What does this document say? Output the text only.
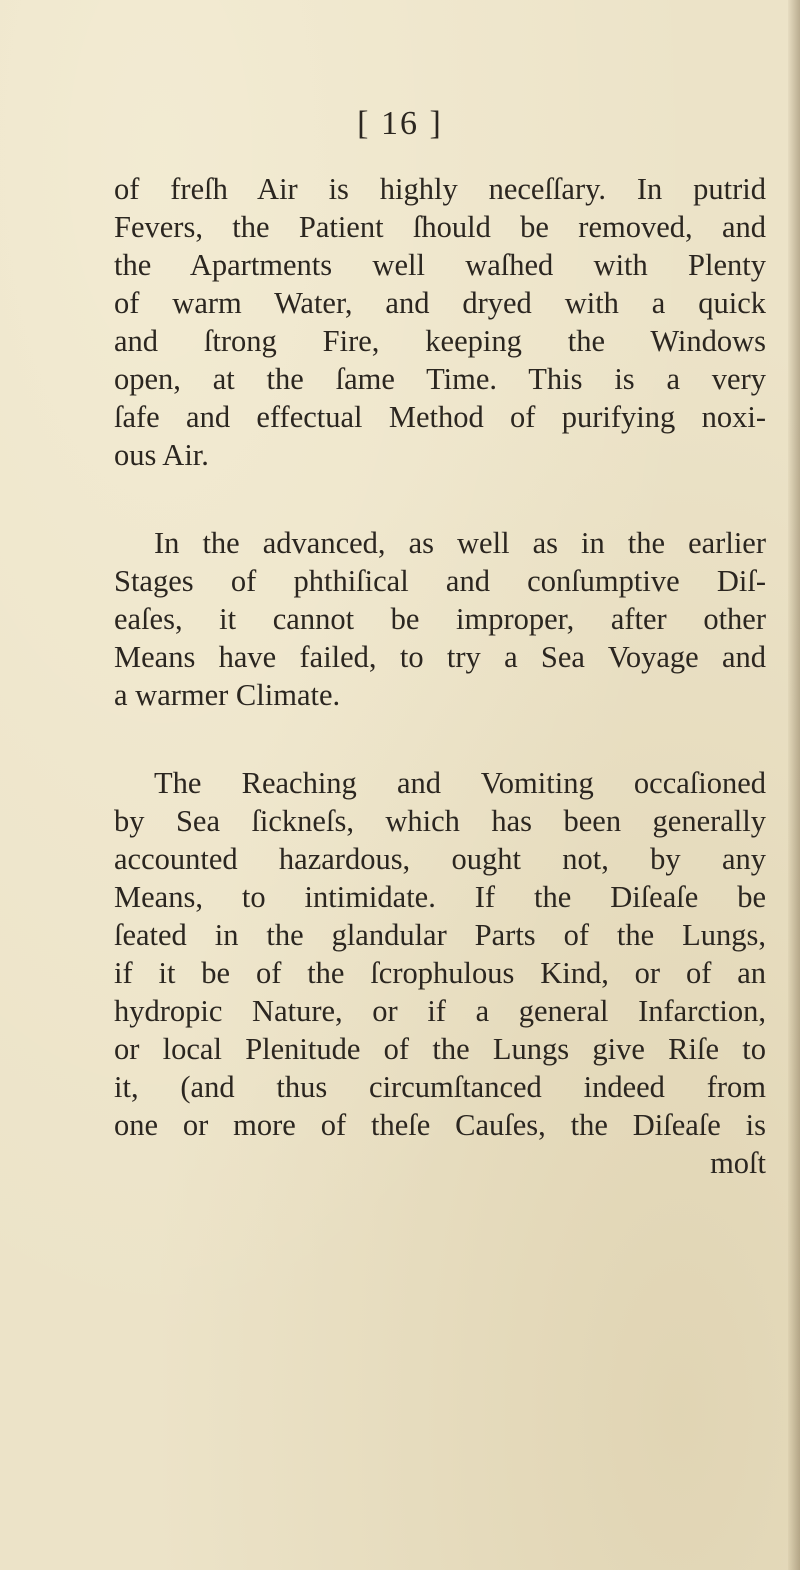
[ 16 ]
of freſh Air is highly neceſſary. In putrid
Fevers, the Patient ſhould be removed, and
the Apartments well waſhed with Plenty
of warm Water, and dryed with a quick
and ſtrong Fire, keeping the Windows
open, at the ſame Time. This is a very
ſafe and effectual Method of purifying noxi-
ous Air.
In the advanced, as well as in the earlier
Stages of phthiſical and conſumptive Diſ-
eaſes, it cannot be improper, after other
Means have failed, to try a Sea Voyage and
a warmer Climate.
The Reaching and Vomiting occaſioned
by Sea ſickneſs, which has been generally
accounted hazardous, ought not, by any
Means, to intimidate. If the Diſeaſe be
ſeated in the glandular Parts of the Lungs,
if it be of the ſcrophulous Kind, or of an
hydropic Nature, or if a general Infarction,
or local Plenitude of the Lungs give Riſe to
it, (and thus circumſtanced indeed from
one or more of theſe Cauſes, the Diſeaſe is
moſt
